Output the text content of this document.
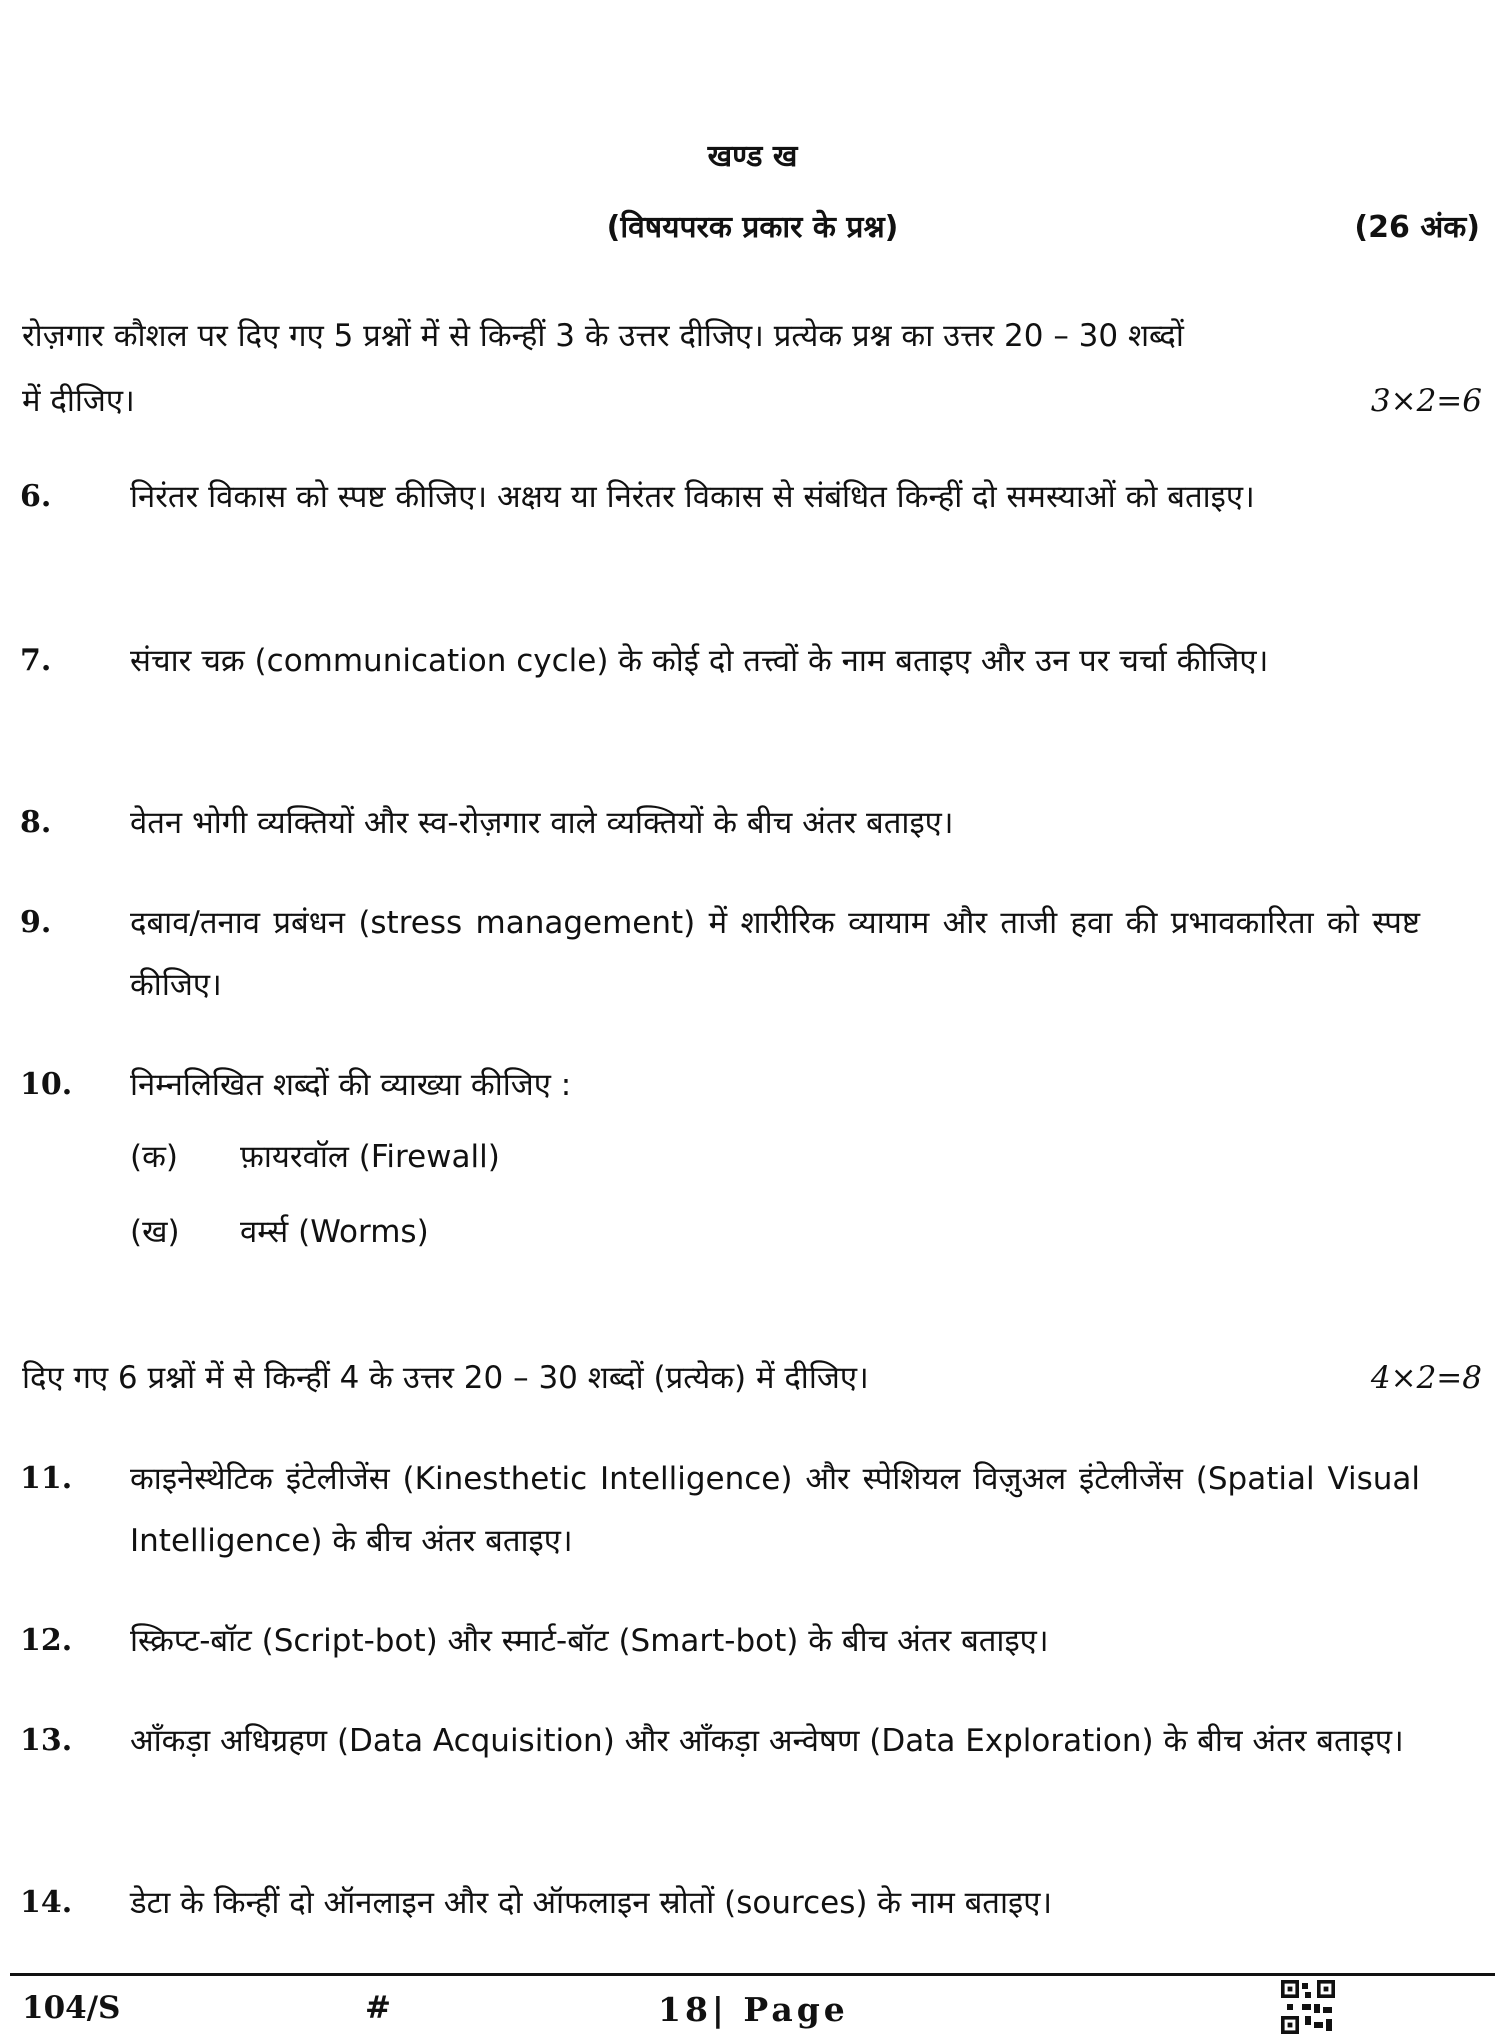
खण्ड ख
(विषयपरक प्रकार के प्रश्न)	(26 अंक)
रोज़गार कौशल पर दिए गए 5 प्रश्नों में से किन्हीं 3 के उत्तर दीजिए। प्रत्येक प्रश्न का उत्तर 20 – 30 शब्दों
में दीजिए।	3×2=6
6.	निरंतर विकास को स्पष्ट कीजिए। अक्षय या निरंतर विकास से संबंधित किन्हीं दो समस्याओं को बताइए।
7.	संचार चक्र (communication cycle) के कोई दो तत्त्वों के नाम बताइए और उन पर चर्चा कीजिए।
8.	वेतन भोगी व्यक्तियों और स्व-रोज़गार वाले व्यक्तियों के बीच अंतर बताइए।
9.	दबाव/तनाव प्रबंधन (stress management) में शारीरिक व्यायाम और ताजी हवा की प्रभावकारिता को स्पष्ट कीजिए।
10. निम्नलिखित शब्दों की व्याख्या कीजिए :
(क) फ़ायरवॉल (Firewall)
(ख) वर्म्स (Worms)
दिए गए 6 प्रश्नों में से किन्हीं 4 के उत्तर 20 – 30 शब्दों (प्रत्येक) में दीजिए।	4×2=8
11. काइनेस्थेटिक इंटेलीजेंस (Kinesthetic Intelligence) और स्पेशियल विज़ुअल इंटेलीजेंस (Spatial Visual Intelligence) के बीच अंतर बताइए।
12. स्क्रिप्ट-बॉट (Script-bot) और स्मार्ट-बॉट (Smart-bot) के बीच अंतर बताइए।
13. आँकड़ा अधिग्रहण (Data Acquisition) और आँकड़ा अन्वेषण (Data Exploration) के बीच अंतर बताइए।
14. डेटा के किन्हीं दो ऑनलाइन और दो ऑफलाइन स्रोतों (sources) के नाम बताइए।
104/S	#	18| Page
